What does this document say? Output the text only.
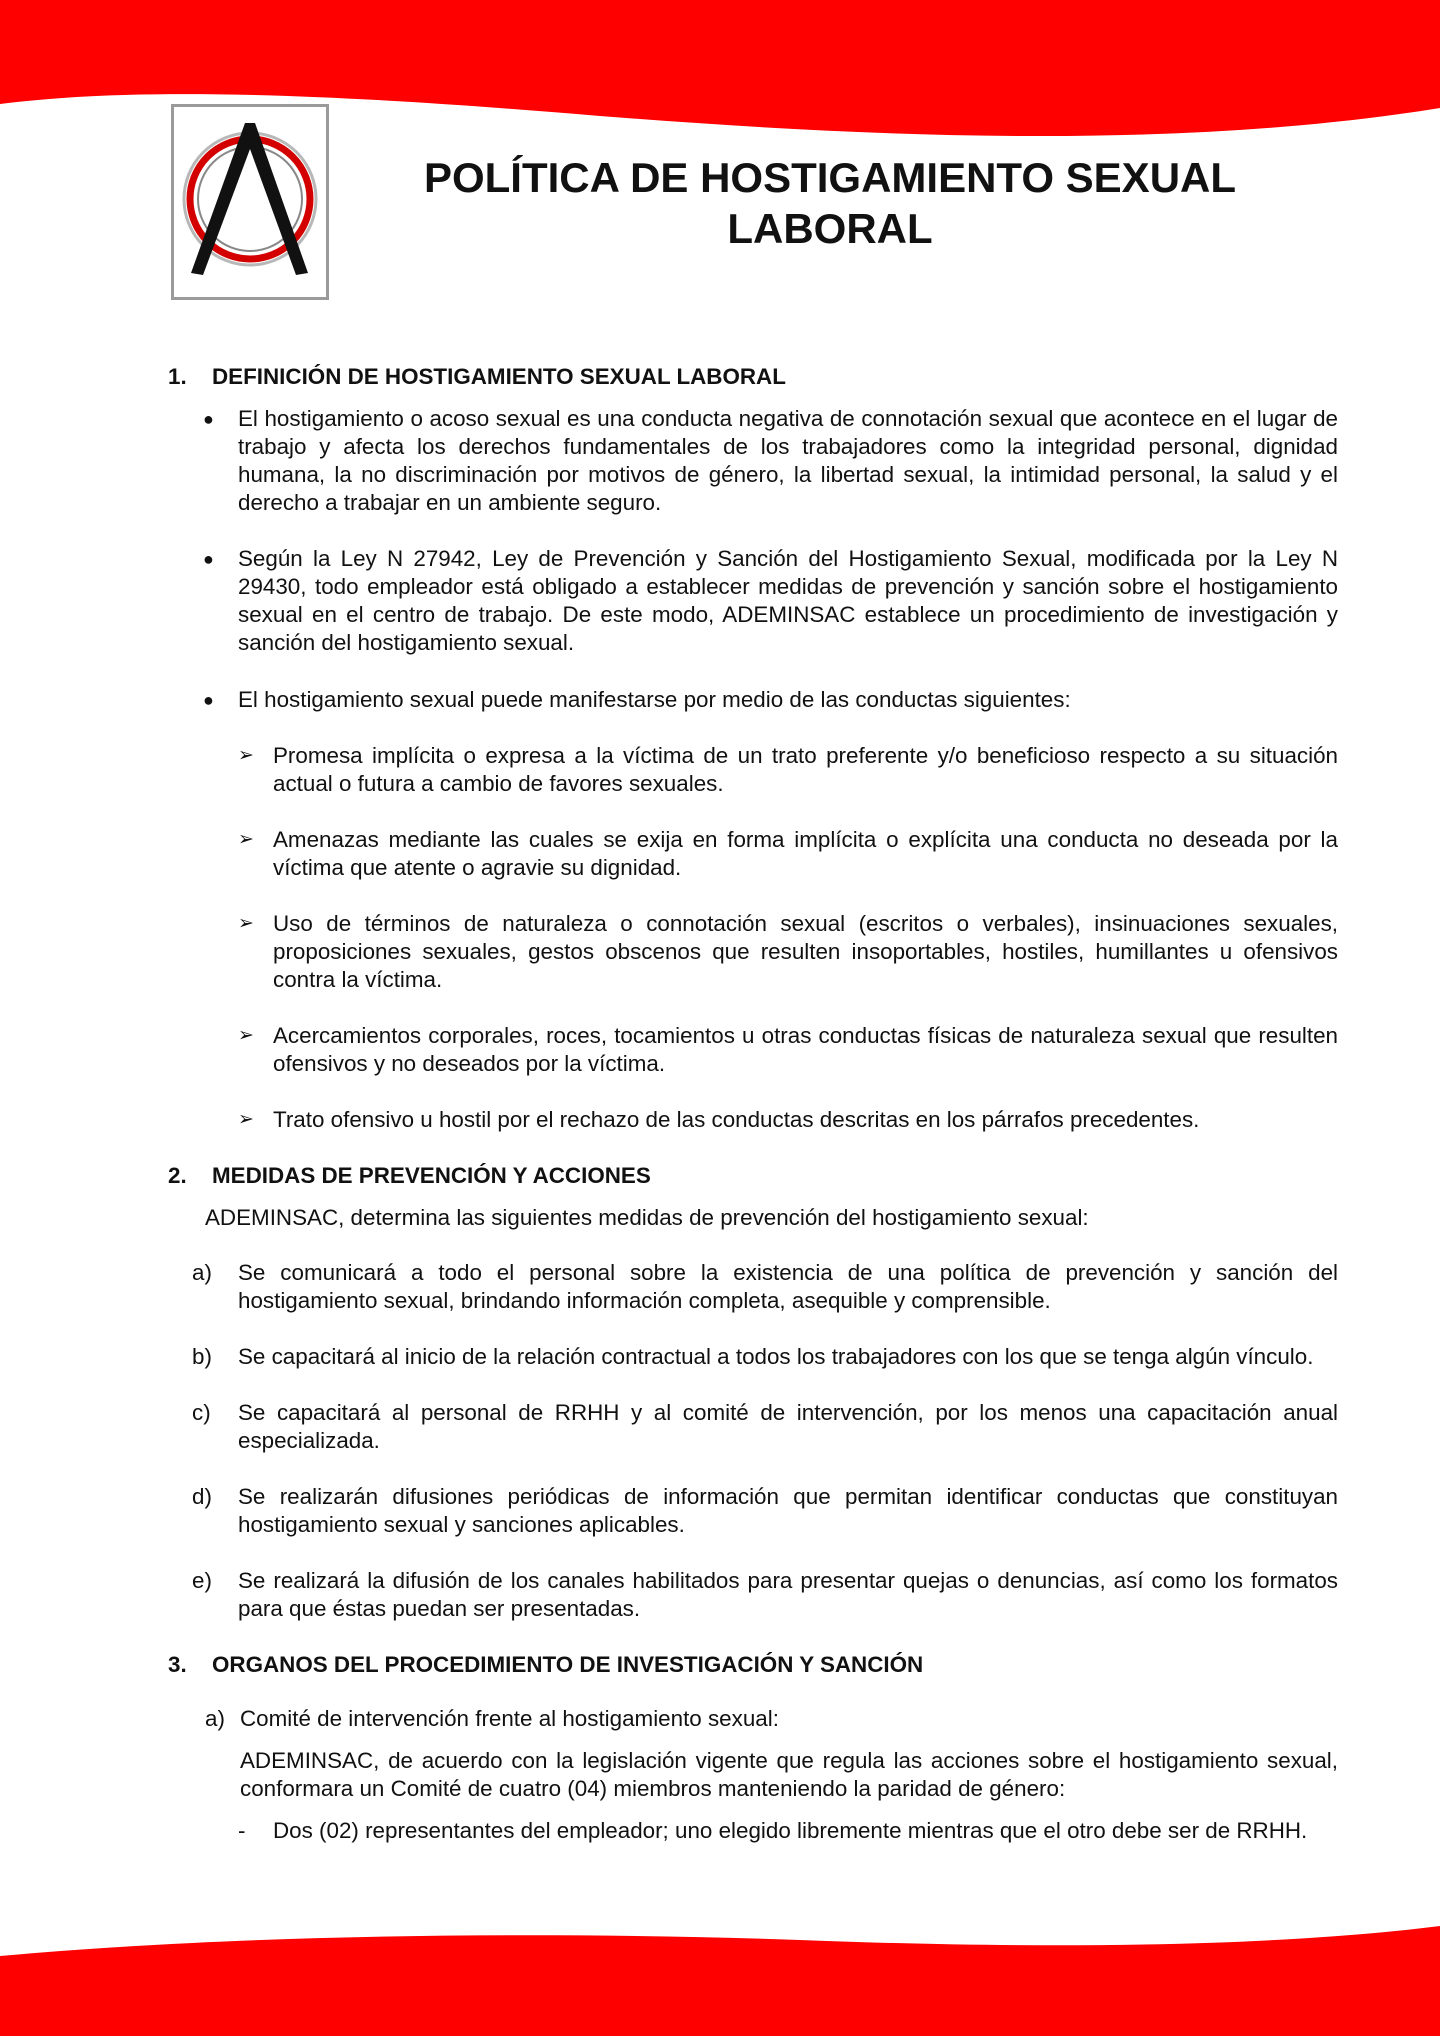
POLÍTICA DE HOSTIGAMIENTO SEXUAL
LABORAL
1.	DEFINICIÓN DE HOSTIGAMIENTO SEXUAL LABORAL
●	El hostigamiento o acoso sexual es una conducta negativa de connotación sexual que acontece en el lugar de trabajo y afecta los derechos fundamentales de los trabajadores como la integridad personal, dignidad humana, la no discriminación por motivos de género, la libertad sexual, la intimidad personal, la salud y el derecho a trabajar en un ambiente seguro.
●	Según la Ley N 27942, Ley de Prevención y Sanción del Hostigamiento Sexual, modificada por la Ley N 29430, todo empleador está obligado a establecer medidas de prevención y sanción sobre el hostigamiento sexual en el centro de trabajo. De este modo, ADEMINSAC establece un procedimiento de investigación y sanción del hostigamiento sexual.
●	El hostigamiento sexual puede manifestarse por medio de las conductas siguientes:
➢ Promesa implícita o expresa a la víctima de un trato preferente y/o beneficioso respecto a su situación actual o futura a cambio de favores sexuales.
➢ Amenazas mediante las cuales se exija en forma implícita o explícita una conducta no deseada por la víctima que atente o agravie su dignidad.
➢ Uso de términos de naturaleza o connotación sexual (escritos o verbales), insinuaciones sexuales, proposiciones sexuales, gestos obscenos que resulten insoportables, hostiles, humillantes u ofensivos contra la víctima.
➢ Acercamientos corporales, roces, tocamientos u otras conductas físicas de naturaleza sexual que resulten ofensivos y no deseados por la víctima.
➢ Trato ofensivo u hostil por el rechazo de las conductas descritas en los párrafos precedentes.
2.	MEDIDAS DE PREVENCIÓN Y ACCIONES
ADEMINSAC, determina las siguientes medidas de prevención del hostigamiento sexual:
a)	Se comunicará a todo el personal sobre la existencia de una política de prevención y sanción del hostigamiento sexual, brindando información completa, asequible y comprensible.
b)	Se capacitará al inicio de la relación contractual a todos los trabajadores con los que se tenga algún vínculo.
c)	Se capacitará al personal de RRHH y al comité de intervención, por los menos una capacitación anual especializada.
d)	Se realizarán difusiones periódicas de información que permitan identificar conductas que constituyan hostigamiento sexual y sanciones aplicables.
e)	Se realizará la difusión de los canales habilitados para presentar quejas o denuncias, así como los formatos para que éstas puedan ser presentadas.
3.	ORGANOS DEL PROCEDIMIENTO DE INVESTIGACIÓN Y SANCIÓN
a) Comité de intervención frente al hostigamiento sexual:
ADEMINSAC, de acuerdo con la legislación vigente que regula las acciones sobre el hostigamiento sexual, conformara un Comité de cuatro (04) miembros manteniendo la paridad de género:
-	Dos (02) representantes del empleador; uno elegido libremente mientras que el otro debe ser de RRHH.
